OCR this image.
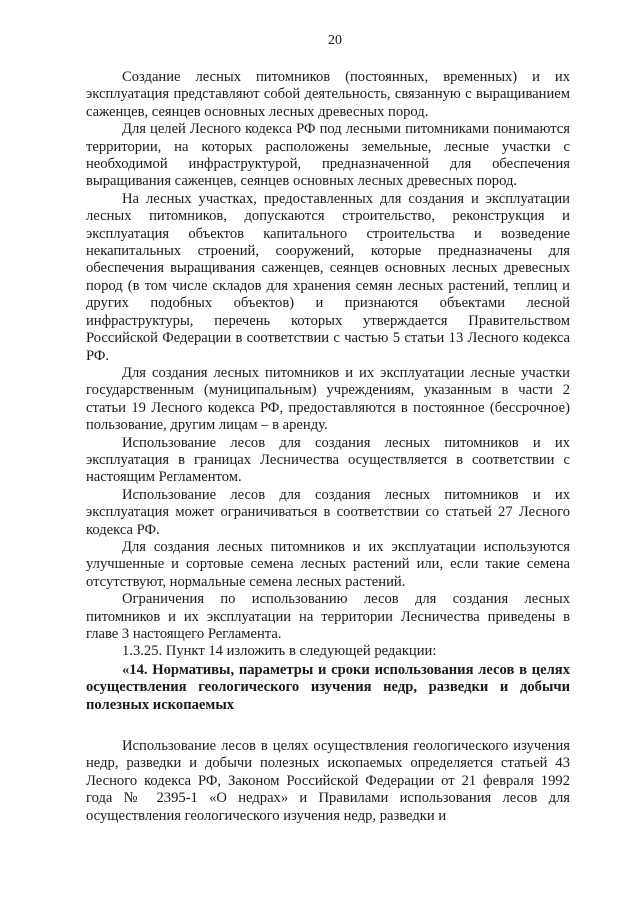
20

Создание лесных питомников (постоянных, временных) и их эксплуатация представляют собой деятельность, связанную с выращиванием саженцев, сеянцев основных лесных древесных пород.

Для целей Лесного кодекса РФ под лесными питомниками понимаются территории, на которых расположены земельные, лесные участки с необходимой инфраструктурой, предназначенной для обеспечения выращивания саженцев, сеянцев основных лесных древесных пород.

На лесных участках, предоставленных для создания и эксплуатации лесных питомников, допускаются строительство, реконструкция и эксплуатация объектов капитального строительства и возведение некапитальных строений, сооружений, которые предназначены для обеспечения выращивания саженцев, сеянцев основных лесных древесных пород (в том числе складов для хранения семян лесных растений, теплиц и других подобных объектов) и признаются объектами лесной инфраструктуры, перечень которых утверждается Правительством Российской Федерации в соответствии с частью 5 статьи 13 Лесного кодекса РФ.

Для создания лесных питомников и их эксплуатации лесные участки государственным (муниципальным) учреждениям, указанным в части 2 статьи 19 Лесного кодекса РФ, предоставляются в постоянное (бессрочное) пользование, другим лицам – в аренду.

Использование лесов для создания лесных питомников и их эксплуатация в границах Лесничества осуществляется в соответствии с настоящим Регламентом.

Использование лесов для создания лесных питомников и их эксплуатация может ограничиваться в соответствии со статьей 27 Лесного кодекса РФ.

Для создания лесных питомников и их эксплуатации используются улучшенные и сортовые семена лесных растений или, если такие семена отсутствуют, нормальные семена лесных растений.

Ограничения по использованию лесов для создания лесных питомников и их эксплуатации на территории Лесничества приведены в главе 3 настоящего Регламента.

1.3.25. Пункт 14 изложить в следующей редакции:

«14. Нормативы, параметры и сроки использования лесов в целях осуществления геологического изучения недр, разведки и добычи полезных ископаемых

Использование лесов в целях осуществления геологического изучения недр, разведки и добычи полезных ископаемых определяется статьей 43 Лесного кодекса РФ, Законом Российской Федерации от 21 февраля 1992 года № 2395-1 «О недрах» и Правилами использования лесов для осуществления геологического изучения недр, разведки и
